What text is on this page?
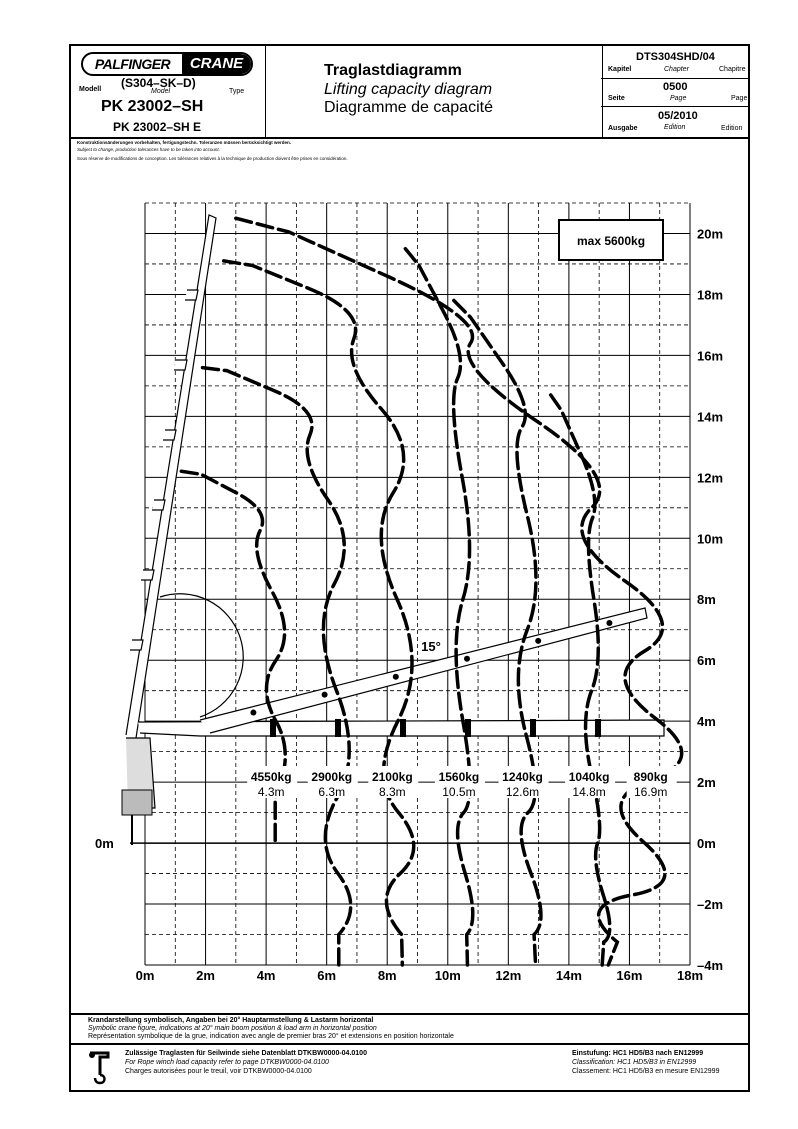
PALFINGER	CRANE
(S304–SK–D)
Modell	Model	Type
PK 23002–SH
PK 23002–SH E
Traglastdiagramm
Lifting capacity diagram
Diagramme de capacité
DTS304SHD/04
Kapitel	Chapter	Chapitre
0500
Seite	Page	Page
05/2010
Ausgabe	Edition	Edition
Konstruktionsänderungen vorbehalten, fertigungstechn. Toleranzen müssen berücksichtigt werden.
Subject to change, production tolerances have to be taken into account.
Sous réserve de modifications de conception. Les tolérances relatives à la technique de production doivent être prises en considération.
0m	2m	4m	6m	8m	10m	12m	14m	16m	18m
20m
18m
16m
14m
12m
10m
8m
6m
4m
2m
0m
–2m
–4m
0m
4550kg
4.3m
2900kg
6.3m
2100kg
8.3m
1560kg
10.5m
1240kg
12.6m
1040kg
14.8m
890kg
16.9m
max 5600kg
15°
Krandarstellung symbolisch, Angaben bei 20° Hauptarmstellung & Lastarm horizontal
Symbolic crane figure, indications at 20° main boom position & load arm in horizontal position
Représentation symbolique de la grue, indication avec angle de premier bras 20° et extensions en position horizontale
Zulässige Traglasten für Seilwinde siehe Datenblatt DTKBW0000-04.0100
For Rope winch load capacity refer to page DTKBW0000-04.0100
Charges autorisées pour le treuil, voir DTKBW0000-04.0100
Einstufung: HC1 HD5/B3 nach EN12999
Classification: HC1 HD5/B3 in EN12999
Classement: HC1 HD5/B3 en mesure EN12999
